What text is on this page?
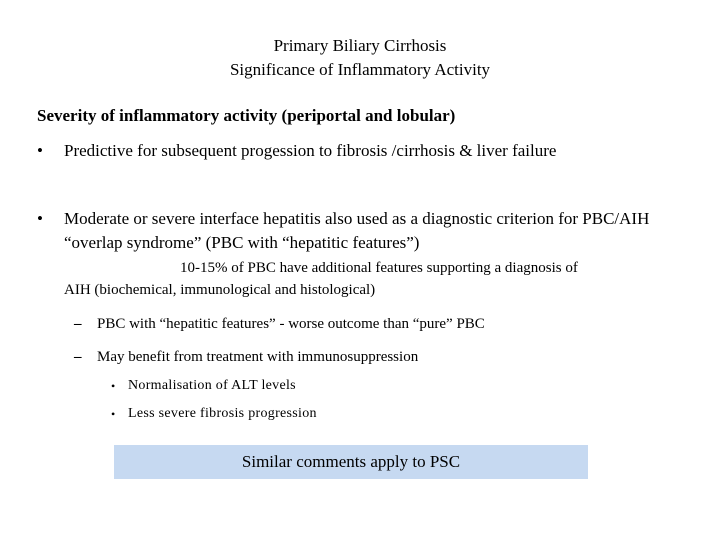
Primary Biliary Cirrhosis
Significance of Inflammatory Activity
Severity of inflammatory activity (periportal and lobular)
• Predictive for subsequent progession to fibrosis /cirrhosis & liver failure
• Moderate or severe interface hepatitis also used as a diagnostic criterion for PBC/AIH “overlap syndrome” (PBC with “hepatitic features”)
10-15% of PBC have additional features supporting a diagnosis of
AIH (biochemical, immunological and histological)
– PBC with “hepatitic features” - worse outcome than “pure” PBC
– May benefit from treatment with immunosuppression
• Normalisation of ALT levels
• Less severe fibrosis progression
Similar comments apply to PSC
